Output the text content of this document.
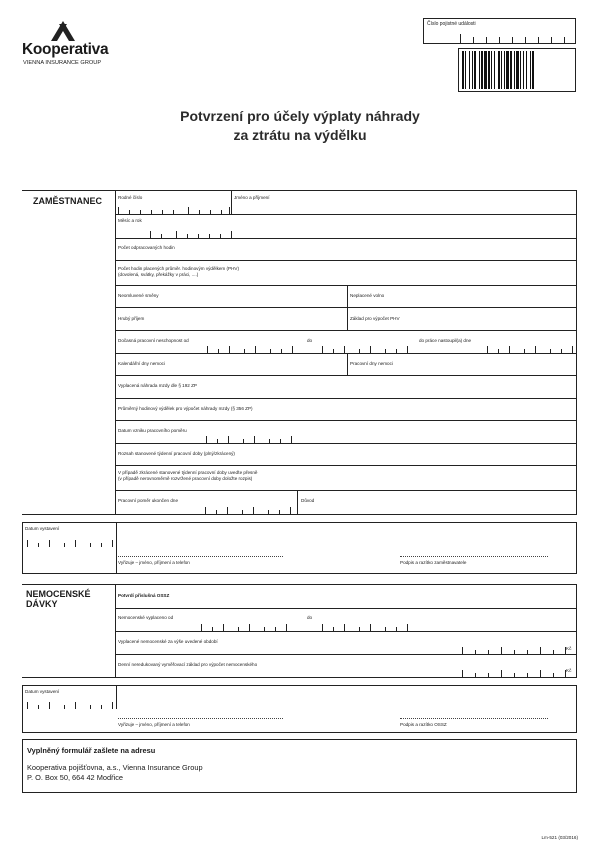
Kooperativa
VIENNA INSURANCE GROUP
Číslo pojistné události
Potvrzení pro účely výplaty náhrady
za ztrátu na výdělku
ZAMĚSTNANEC	Rodné číslo	Jméno a příjmení
Měsíc a rok
Počet odpracovaných hodin
Počet hodin placených průměr. hodinovým výdělkem (PHV)
(dovolená, svátky, překážky v práci, ....)
Neomluvené směny	Neplacené volno
Hrubý příjem	Základ pro výpočet PHV
Dočasná pracovní neschopnost od	do	do práce nastoupil(a) dne
Kalendářní dny nemoci	Pracovní dny nemoci
Vyplacená náhrada mzdy dle § 192 ZP
Průměrný hodinový výdělek pro výpočet náhrady mzdy (§ 356 ZP)
Datum vzniku pracovního poměru
Rozsah stanovené týdenní pracovní doby (plný/zkrácený)
V případě zkrácené stanovené týdenní pracovní doby uveďte přesně
(v případě nerovnoměrně rozvržené pracovní doby doložte rozpis)
Pracovní poměr ukončen dne	Důvod
Datum vystavení
Vyřizuje – jméno, příjmení a telefon	Podpis a razítko zaměstnavatele
NEMOCENSKÉ
DÁVKY
Potvrdí příslušná OSSZ
Nemocenské vyplaceno od	do
Vyplacené nemocenské za výše uvedené období
Kč
Denní neredukovaný vyměřovací základ pro výpočet nemocenského
Kč
Datum vystavení
Vyřizuje – jméno, příjmení a telefon	Podpis a razítko OSSZ
Vyplněný formulář zašlete na adresu
Kooperativa pojišťovna, a.s., Vienna Insurance Group
P. O. Box 50, 664 42 Modřice
Lm-521 (03/2016)
